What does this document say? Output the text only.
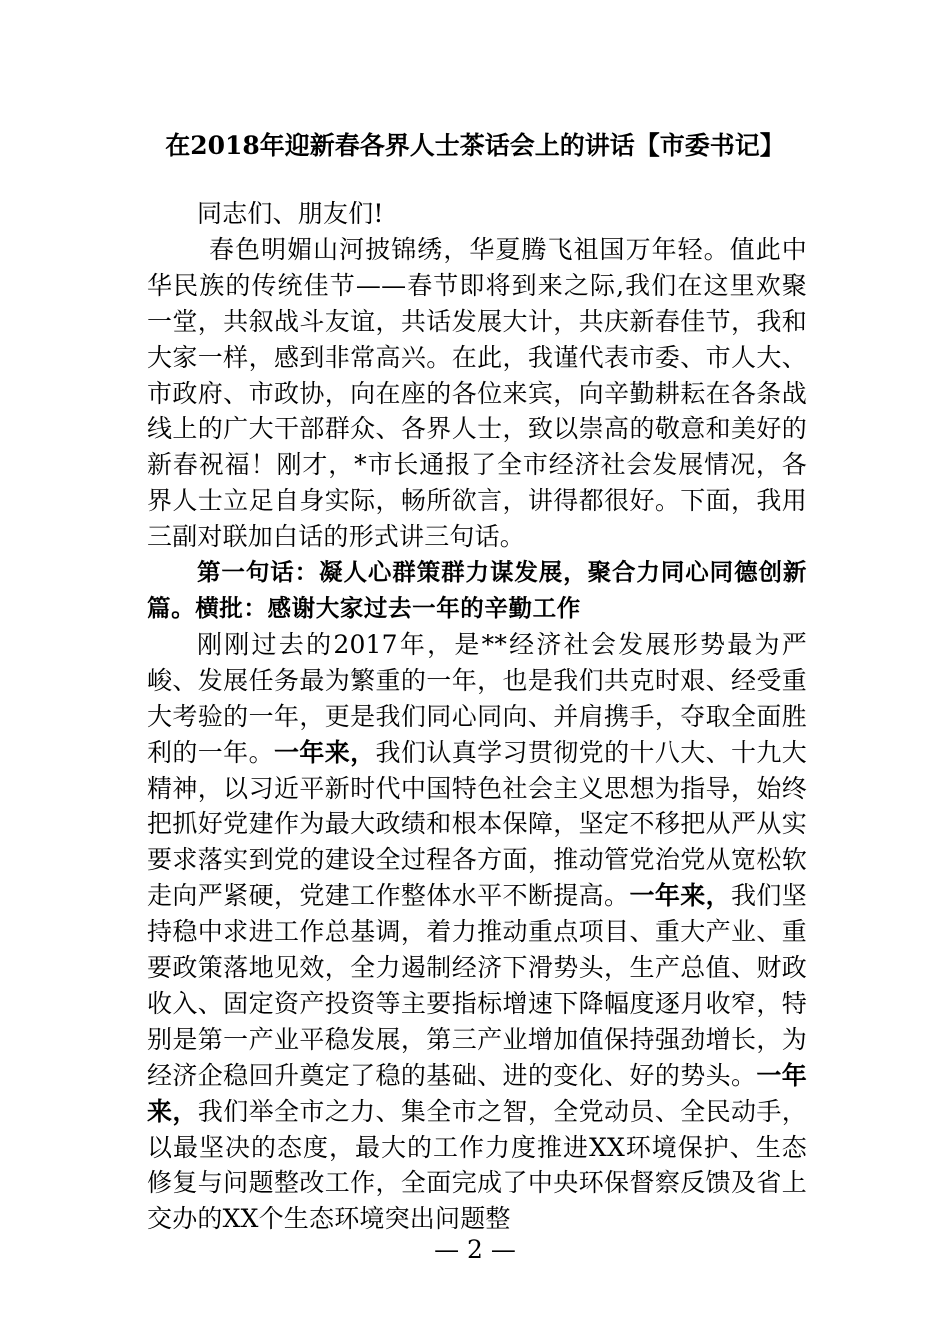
在2018年迎新春各界人士茶话会上的讲话【市委书记】

同志们、朋友们!

春色明媚山河披锦绣，华夏腾飞祖国万年轻。值此中华民族的传统佳节——春节即将到来之际,我们在这里欢聚一堂，共叙战斗友谊，共话发展大计，共庆新春佳节，我和大家一样，感到非常高兴。在此，我谨代表市委、市人大、市政府、市政协，向在座的各位来宾，向辛勤耕耘在各条战线上的广大干部群众、各界人士，致以崇高的敬意和美好的新春祝福！刚才，*市长通报了全市经济社会发展情况，各界人士立足自身实际，畅所欲言，讲得都很好。下面，我用三副对联加白话的形式讲三句话。

第一句话：凝人心群策群力谋发展，聚合力同心同德创新篇。横批：感谢大家过去一年的辛勤工作

刚刚过去的2017年，是**经济社会发展形势最为严峻、发展任务最为繁重的一年，也是我们共克时艰、经受重大考验的一年，更是我们同心同向、并肩携手，夺取全面胜利的一年。一年来，我们认真学习贯彻党的十八大、十九大精神，以习近平新时代中国特色社会主义思想为指导，始终把抓好党建作为最大政绩和根本保障，坚定不移把从严从实要求落实到党的建设全过程各方面，推动管党治党从宽松软走向严紧硬，党建工作整体水平不断提高。一年来，我们坚持稳中求进工作总基调，着力推动重点项目、重大产业、重要政策落地见效，全力遏制经济下滑势头，生产总值、财政收入、固定资产投资等主要指标增速下降幅度逐月收窄，特别是第一产业平稳发展，第三产业增加值保持强劲增长，为经济企稳回升奠定了稳的基础、进的变化、好的势头。一年来，我们举全市之力、集全市之智，全党动员、全民动手，以最坚决的态度，最大的工作力度推进XX环境保护、生态修复与问题整改工作，全面完成了中央环保督察反馈及省上交办的XX个生态环境突出问题整

— 2 —
